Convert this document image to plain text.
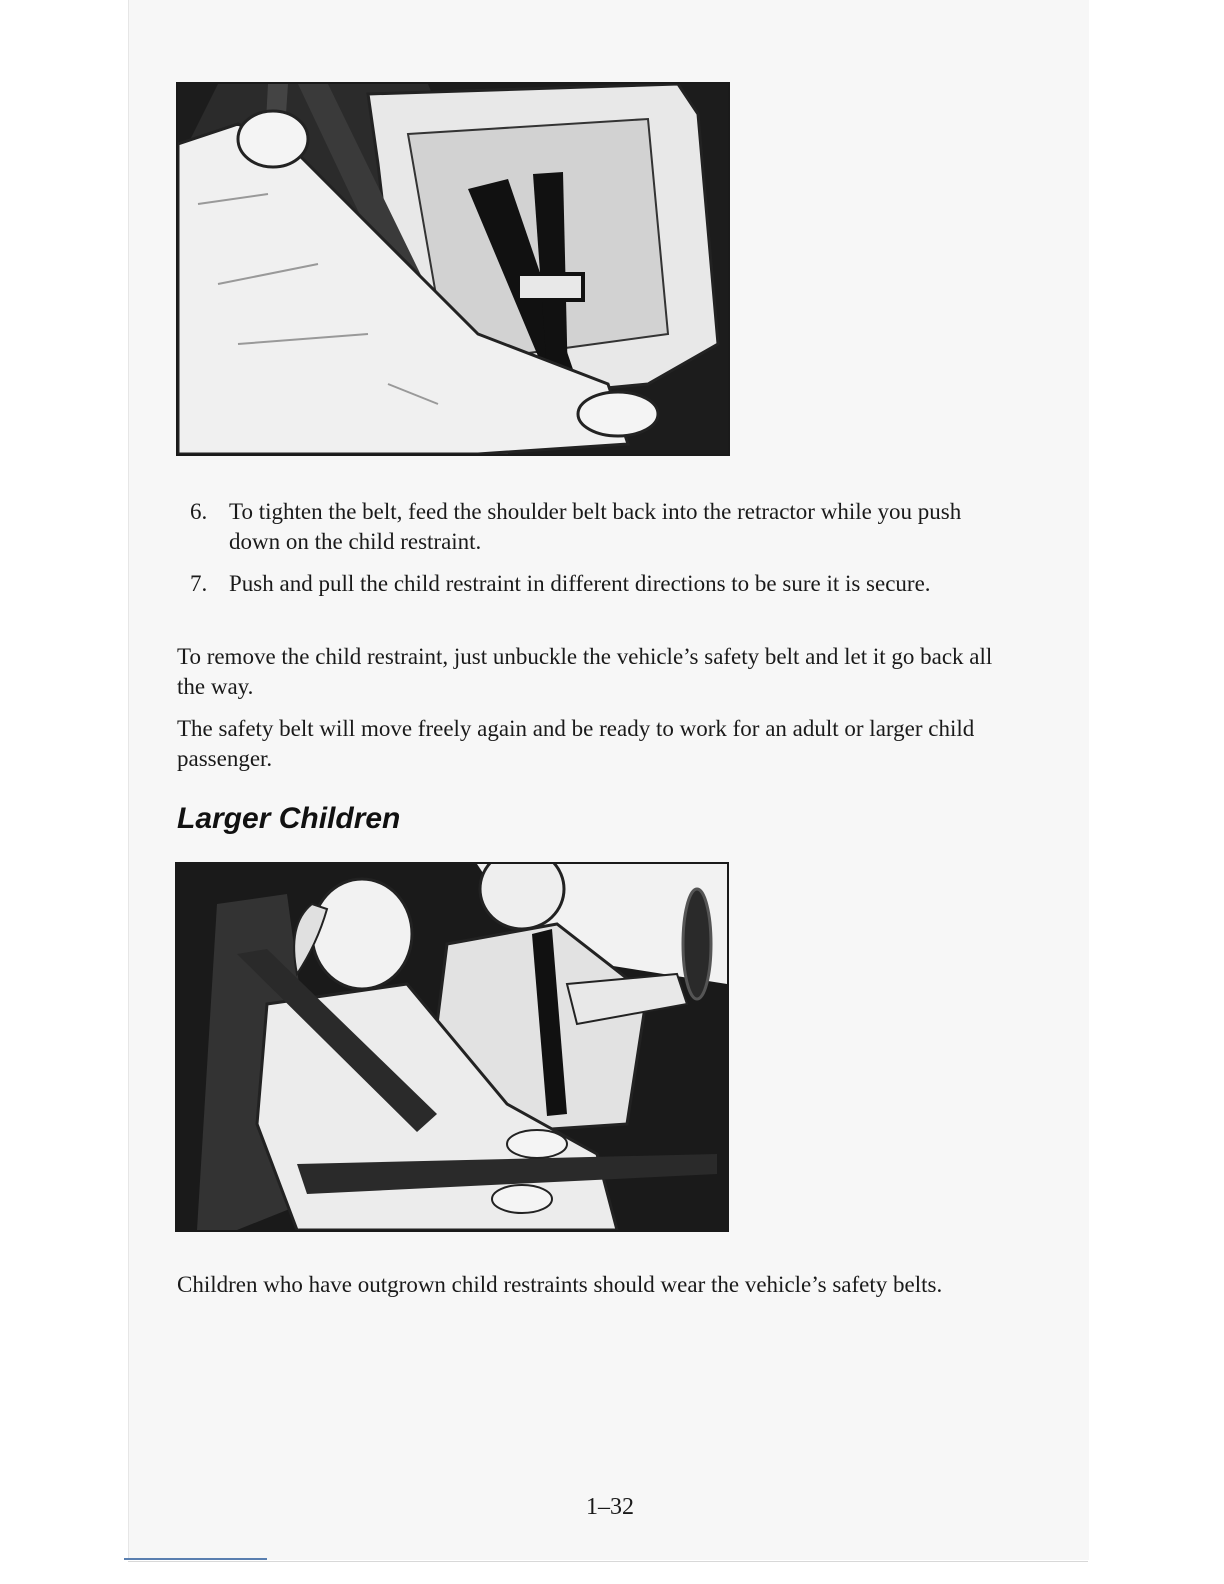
6. To tighten the belt, feed the shoulder belt back into the retractor while you push down on the child restraint.
7. Push and pull the child restraint in different directions to be sure it is secure.

To remove the child restraint, just unbuckle the vehicle’s safety belt and let it go back all the way.

The safety belt will move freely again and be ready to work for an adult or larger child passenger.

Larger Children

Children who have outgrown child restraints should wear the vehicle’s safety belts.

1–32
